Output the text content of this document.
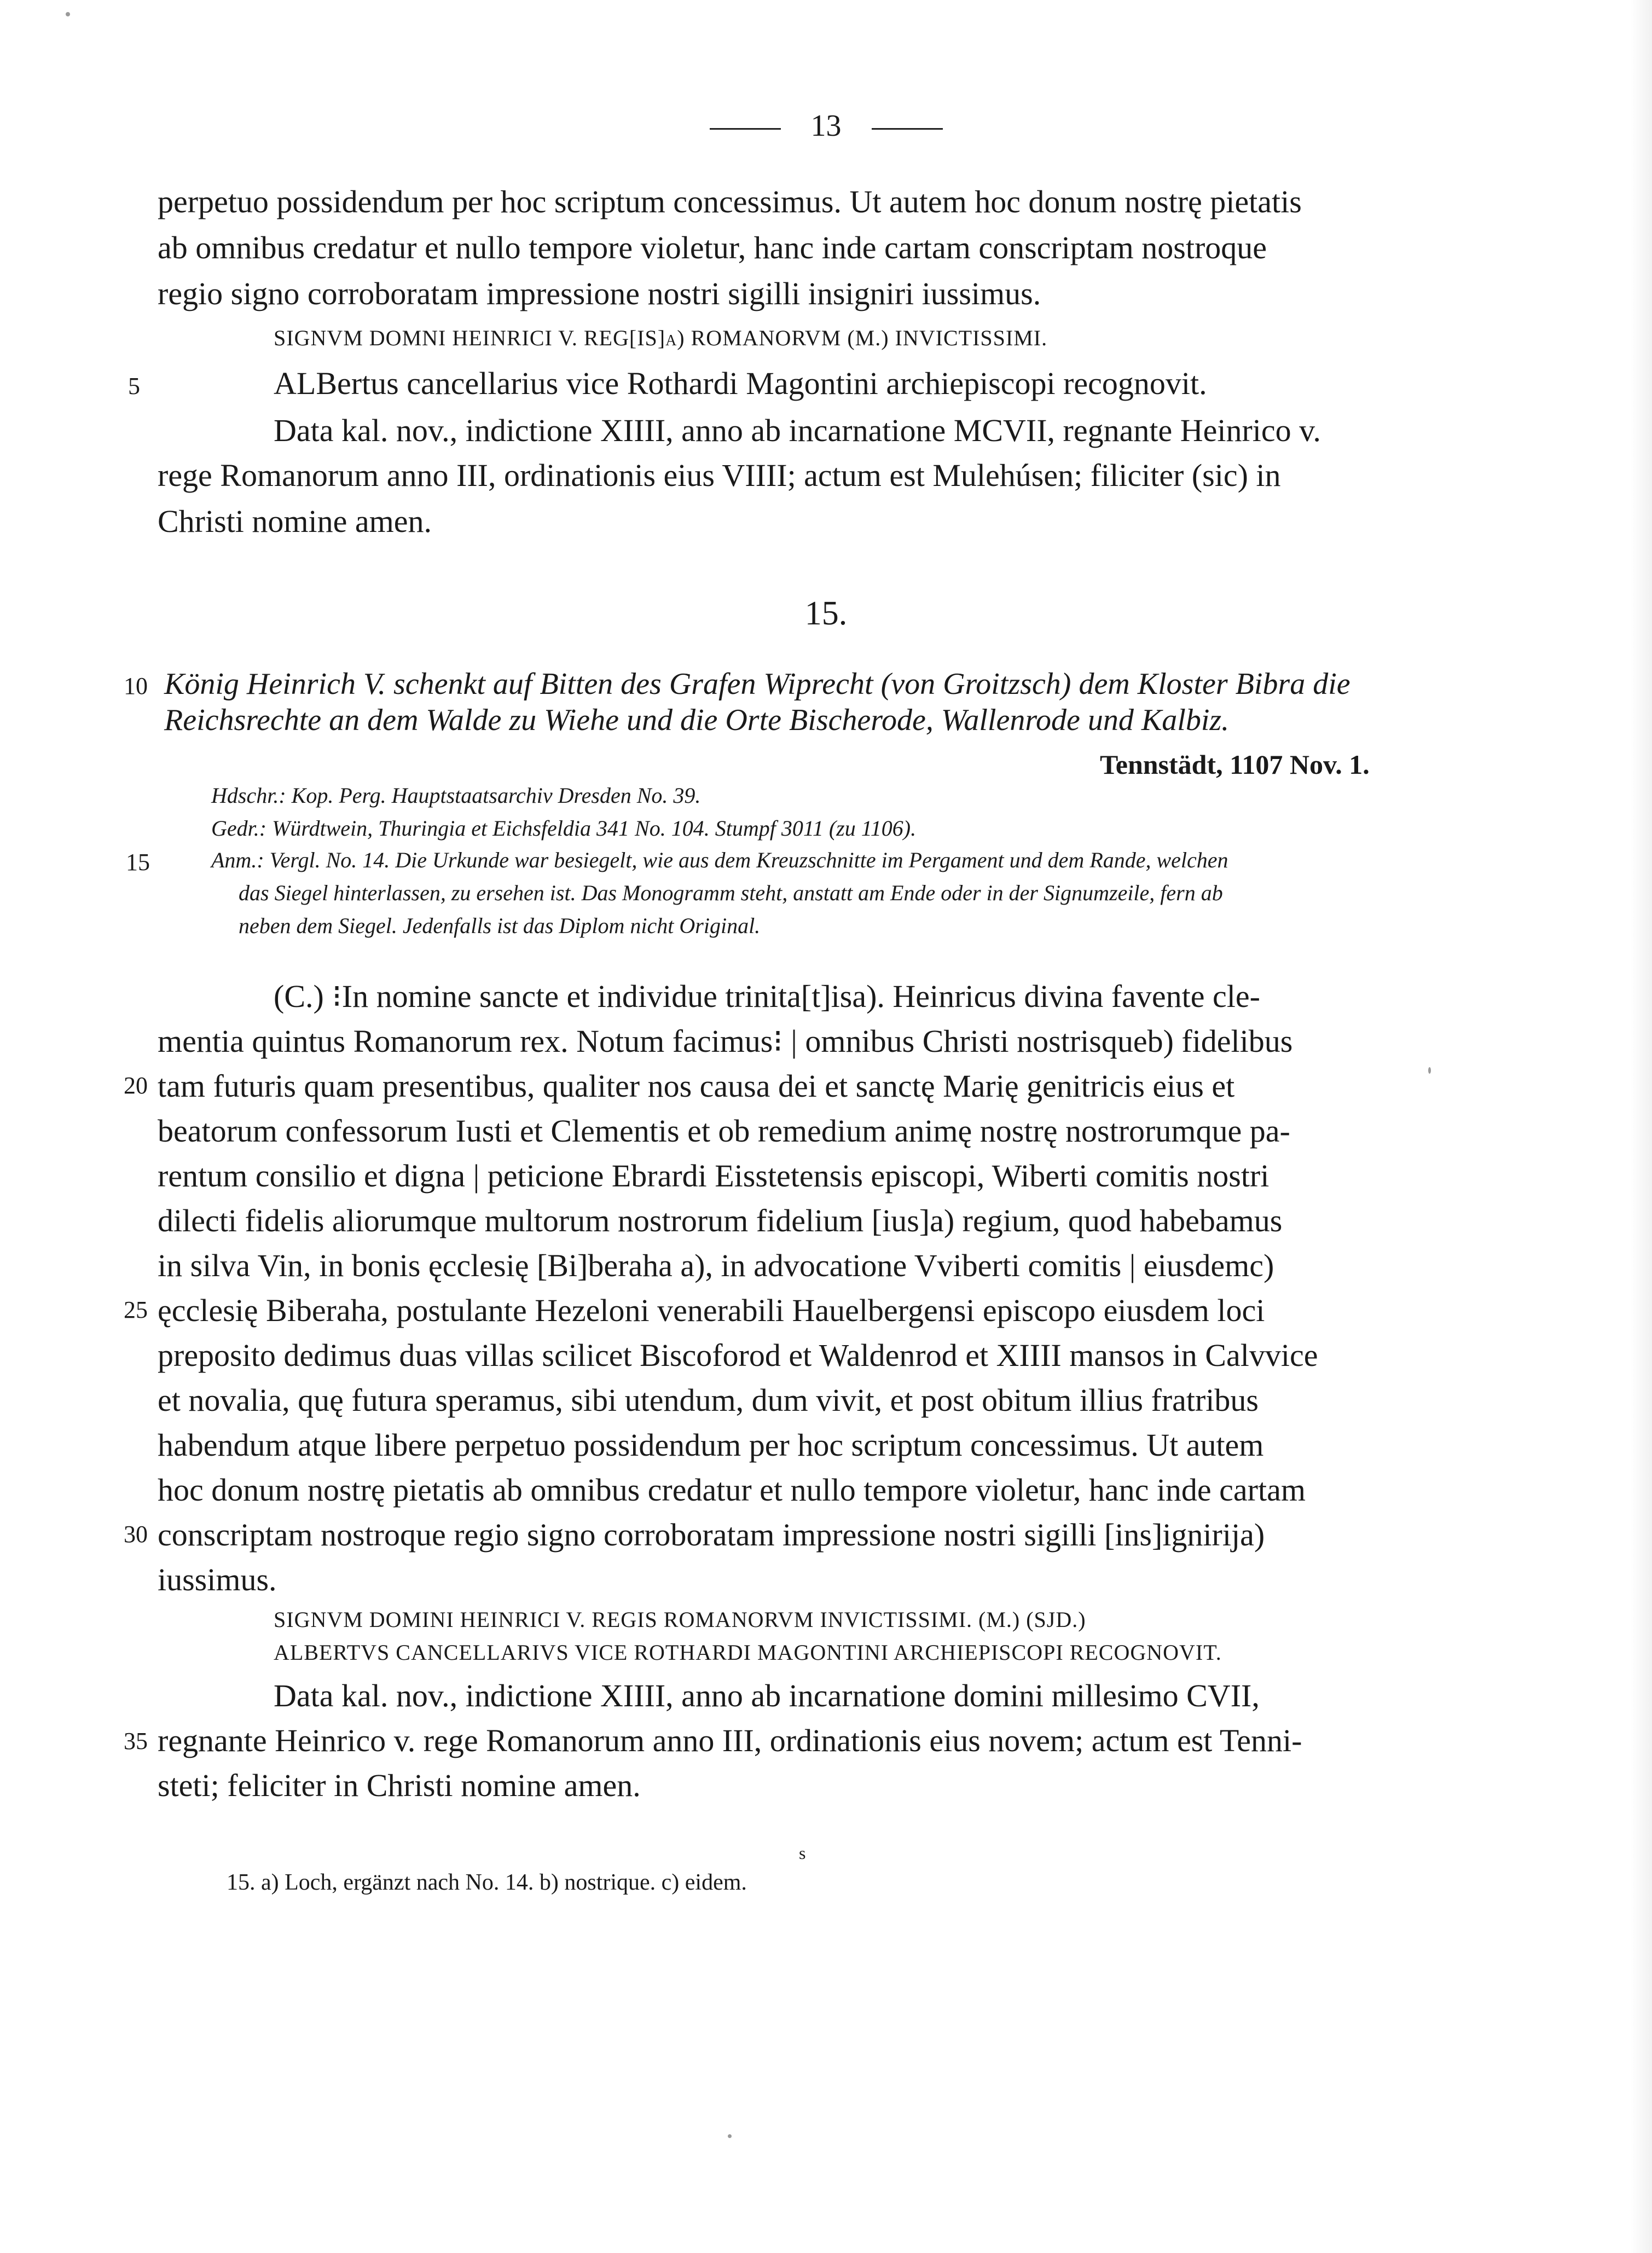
13
perpetuo possidendum per hoc scriptum concessimus. Ut autem hoc donum nostrę pietatis
ab omnibus credatur et nullo tempore violetur, hanc inde cartam conscriptam nostroque
regio signo corroboratam impressione nostri sigilli insigniri iussimus.
SIGNVM DOMNI HEINRICI V. REG[IS]a) ROMANORVM (M.) INVICTISSIMI.
ALBertus cancellarius vice Rothardi Magontini archiepiscopi recognovit.
Data kal. nov., indictione XIIII, anno ab incarnatione MCVII, regnante Heinrico v.
rege Romanorum anno III, ordinationis eius VIIII; actum est Mulehúsen; filiciter (sic) in
Christi nomine amen.
5
15.
10 König Heinrich V. schenkt auf Bitten des Grafen Wiprecht (von Groitzsch) dem Kloster Bibra die
Reichsrechte an dem Walde zu Wiehe und die Orte Bischerode, Wallenrode und Kalbiz.
Tennstädt, 1107 Nov. 1.
Hdschr.: Kop. Perg. Hauptstaatsarchiv Dresden No. 39.
Gedr.: Würdtwein, Thuringia et Eichsfeldia 341 No. 104. Stumpf 3011 (zu 1106).
15	Anm.: Vergl. No. 14. Die Urkunde war besiegelt, wie aus dem Kreuzschnitte im Pergament und dem Rande, welchen
das Siegel hinterlassen, zu ersehen ist. Das Monogramm steht, anstatt am Ende oder in der Signumzeile, fern ab
neben dem Siegel. Jedenfalls ist das Diplom nicht Original.
(C.) ⁝In nomine sancte et individue trinita[t]isa). Heinricus divina favente cle-
mentia quintus Romanorum rex. Notum facimus⁝ | omnibus Christi nostrisqueb) fidelibus
20 tam futuris quam presentibus, qualiter nos causa dei et sanctę Marię genitricis eius et
beatorum confessorum Iusti et Clementis et ob remedium animę nostrę nostrorumque pa-
rentum consilio et digna | peticione Ebrardi Eisstetensis episcopi, Wiberti comitis nostri
dilecti fidelis aliorumque multorum nostrorum fidelium [ius]a) regium, quod habebamus
in silva Vin, in bonis ęcclesię [Bi]beraha a), in advocatione Vviberti comitis | eiusdemc)
25 ęcclesię Biberaha, postulante Hezeloni venerabili Hauelbergensi episcopo eiusdem loci
preposito dedimus duas villas scilicet Biscoforod et Waldenrod et XIIII mansos in Calvvice
et novalia, quę futura speramus, sibi utendum, dum vivit, et post obitum illius fratribus
habendum atque libere perpetuo possidendum per hoc scriptum concessimus. Ut autem
hoc donum nostrę pietatis ab omnibus credatur et nullo tempore violetur, hanc inde cartam
30 conscriptam nostroque regio signo corroboratam impressione nostri sigilli [ins]ignirija)
iussimus.
SIGNVM DOMINI HEINRICI V. REGIS ROMANORVM INVICTISSIMI. (M.) (SJD.)
ALBERTVS CANCELLARIVS VICE ROTHARDI MAGONTINI ARCHIEPISCOPI RECOGNOVIT.
Data kal. nov., indictione XIIII, anno ab incarnatione domini millesimo CVII,
35 regnante Heinrico v. rege Romanorum anno III, ordinationis eius novem; actum est Tenni-
steti; feliciter in Christi nomine amen.
s
15. a) Loch, ergänzt nach No. 14. b) nostrique. c) eidem.
